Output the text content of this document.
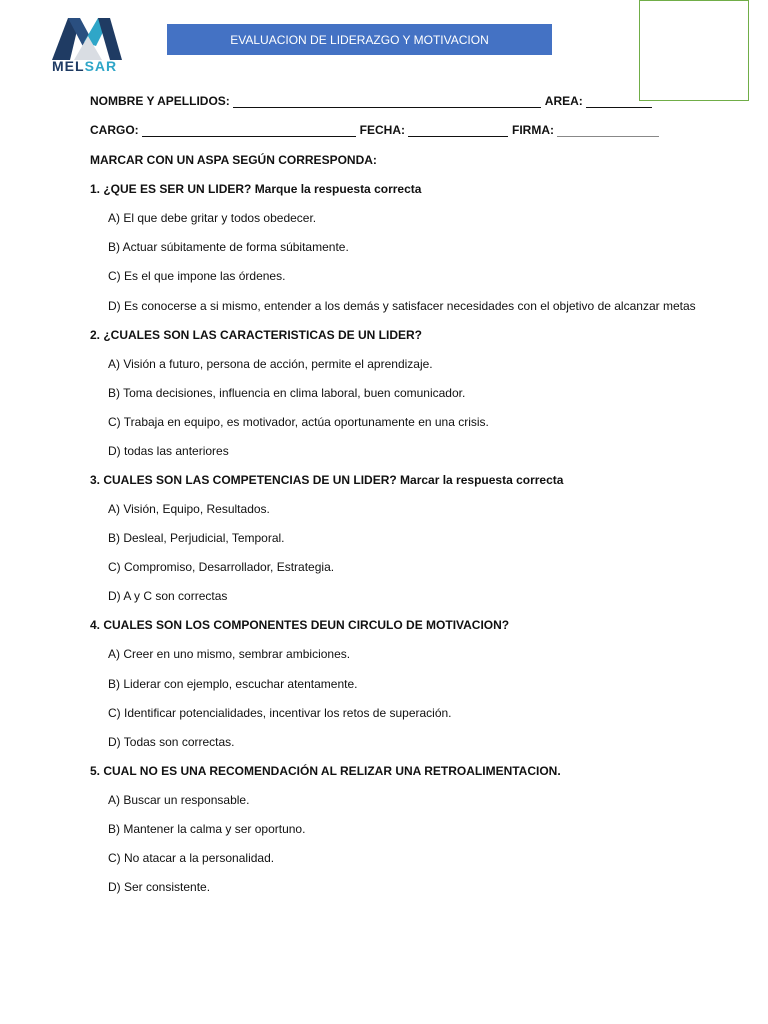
MELSAR
EVALUACION DE LIDERAZGO Y MOTIVACION
NOMBRE Y APELLIDOS:	AREA:
CARGO:	FECHA:	FIRMA:
MARCAR CON UN ASPA SEGÚN CORRESPONDA:
1. ¿QUE ES SER UN LIDER? Marque la respuesta correcta
A) El que debe gritar y todos obedecer.
B) Actuar súbitamente de forma súbitamente.
C) Es el que impone las órdenes.
D) Es conocerse a si mismo, entender a los demás y satisfacer necesidades con el objetivo de alcanzar metas
2. ¿CUALES SON LAS CARACTERISTICAS DE UN LIDER?
A) Visión a futuro, persona de acción, permite el aprendizaje.
B) Toma decisiones, influencia en clima laboral, buen comunicador.
C) Trabaja en equipo, es motivador, actúa oportunamente en una crisis.
D) todas las anteriores
3. CUALES SON LAS COMPETENCIAS DE UN LIDER? Marcar la respuesta correcta
A) Visión, Equipo, Resultados.
B) Desleal, Perjudicial, Temporal.
C) Compromiso, Desarrollador, Estrategia.
D) A y C son correctas
4. CUALES SON LOS COMPONENTES DEUN CIRCULO DE MOTIVACION?
A) Creer en uno mismo, sembrar ambiciones.
B) Liderar con ejemplo, escuchar atentamente.
C) Identificar potencialidades, incentivar los retos de superación.
D) Todas son correctas.
5. CUAL NO ES UNA RECOMENDACIÓN AL RELIZAR UNA RETROALIMENTACION.
A) Buscar un responsable.
B) Mantener la calma y ser oportuno.
C) No atacar a la personalidad.
D) Ser consistente.
